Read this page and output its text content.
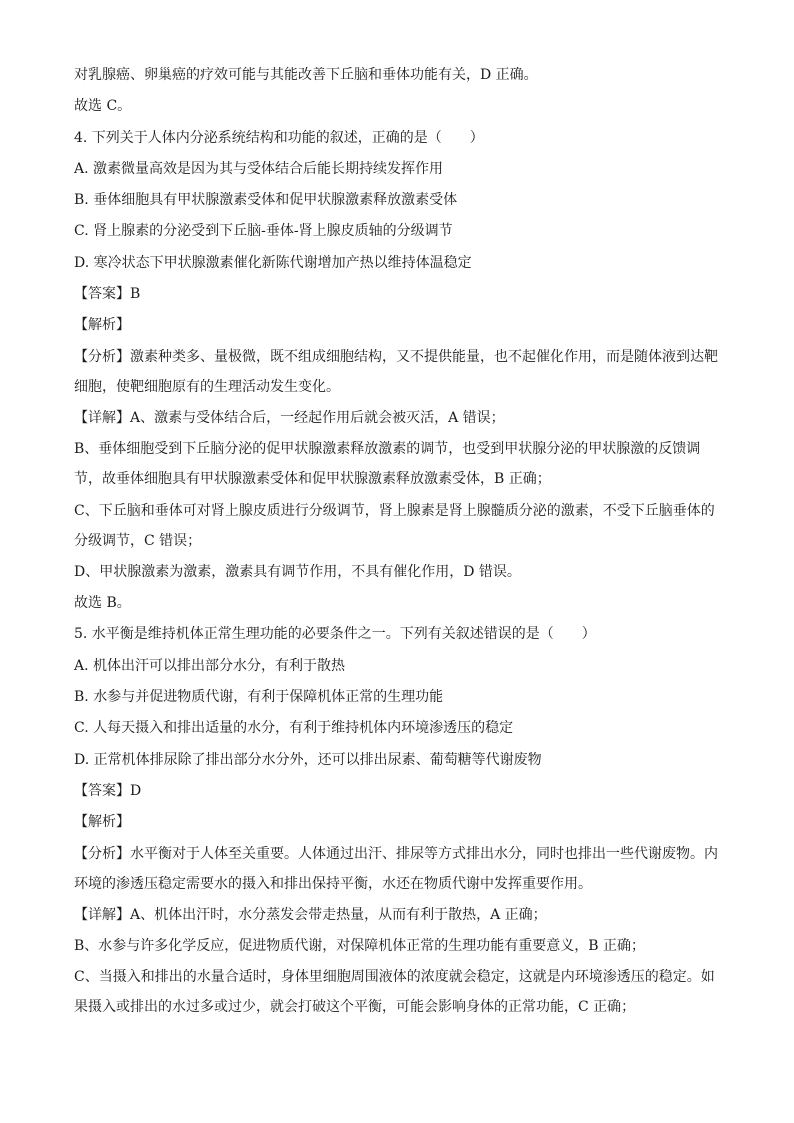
对乳腺癌、卵巢癌的疗效可能与其能改善下丘脑和垂体功能有关，D 正确。
故选 C。
4. 下列关于人体内分泌系统结构和功能的叙述，正确的是（　　）
A. 激素微量高效是因为其与受体结合后能长期持续发挥作用
B. 垂体细胞具有甲状腺激素受体和促甲状腺激素释放激素受体
C. 肾上腺素的分泌受到下丘脑-垂体-肾上腺皮质轴的分级调节
D. 寒冷状态下甲状腺激素催化新陈代谢增加产热以维持体温稳定
【答案】B
【解析】
【分析】激素种类多、量极微，既不组成细胞结构，又不提供能量，也不起催化作用，而是随体液到达靶
细胞，使靶细胞原有的生理活动发生变化。
【详解】A、激素与受体结合后，一经起作用后就会被灭活，A 错误；
B、垂体细胞受到下丘脑分泌的促甲状腺激素释放激素的调节，也受到甲状腺分泌的甲状腺激的反馈调
节，故垂体细胞具有甲状腺激素受体和促甲状腺激素释放激素受体，B 正确；
C、下丘脑和垂体可对肾上腺皮质进行分级调节，肾上腺素是肾上腺髓质分泌的激素，不受下丘脑垂体的
分级调节，C 错误；
D、甲状腺激素为激素，激素具有调节作用，不具有催化作用，D 错误。
故选 B。
5. 水平衡是维持机体正常生理功能的必要条件之一。下列有关叙述错误的是（　　）
A. 机体出汗可以排出部分水分，有利于散热
B. 水参与并促进物质代谢，有利于保障机体正常的生理功能
C. 人每天摄入和排出适量的水分，有利于维持机体内环境渗透压的稳定
D. 正常机体排尿除了排出部分水分外，还可以排出尿素、葡萄糖等代谢废物
【答案】D
【解析】
【分析】水平衡对于人体至关重要。人体通过出汗、排尿等方式排出水分，同时也排出一些代谢废物。内
环境的渗透压稳定需要水的摄入和排出保持平衡，水还在物质代谢中发挥重要作用。
【详解】A、机体出汗时，水分蒸发会带走热量，从而有利于散热，A 正确；
B、水参与许多化学反应，促进物质代谢，对保障机体正常的生理功能有重要意义，B 正确；
C、当摄入和排出的水量合适时，身体里细胞周围液体的浓度就会稳定，这就是内环境渗透压的稳定。如
果摄入或排出的水过多或过少，就会打破这个平衡，可能会影响身体的正常功能，C 正确；
